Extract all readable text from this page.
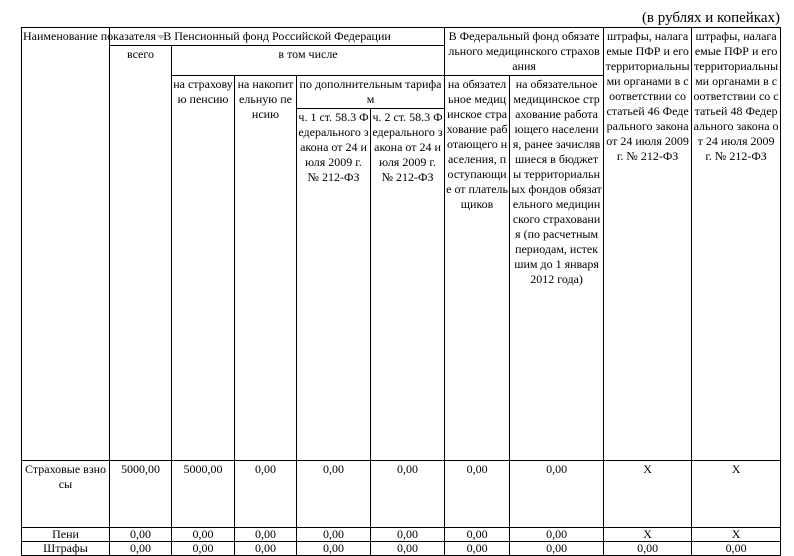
(в рублях и копейках)
Наименование показателя	В Пенсионный фонд Российской Федерации					В Федеральный фонд обязательного медицинского страхования		штрафы, налагаемые ПФР и его территориальными органами в соответствии со статьей 46 Федерального закона от 24 июля 2009 г. № 212-ФЗ	штрафы, налагаемые ПФР и его территориальными органами в соответствии со статьей 48 Федерального закона от 24 июля 2009 г. № 212-ФЗ
	всего	в том числе							
		на страховую пенсию	на накопительную пенсию	по дополнительным тарифам		на обязательное медицинское страхование работающего населения, поступающие от плательщиков	на обязательное медицинское страхование работающего населения, ранее зачислявшиеся в бюджеты территориальных фондов обязательного медицинского страхования (по расчетным периодам, истекшим до 1 января 2012 года)		
				ч. 1 ст. 58.3 Федерального закона от 24 июля 2009 г. № 212-ФЗ	ч. 2 ст. 58.3 Федерального закона от 24 июля 2009 г. № 212-ФЗ				
Страховые взносы	5000,00	5000,00	0,00	0,00	0,00	0,00	0,00	X	X
Пени	0,00	0,00	0,00	0,00	0,00	0,00	0,00	X	X
Штрафы	0,00	0,00	0,00	0,00	0,00	0,00	0,00	0,00	0,00
